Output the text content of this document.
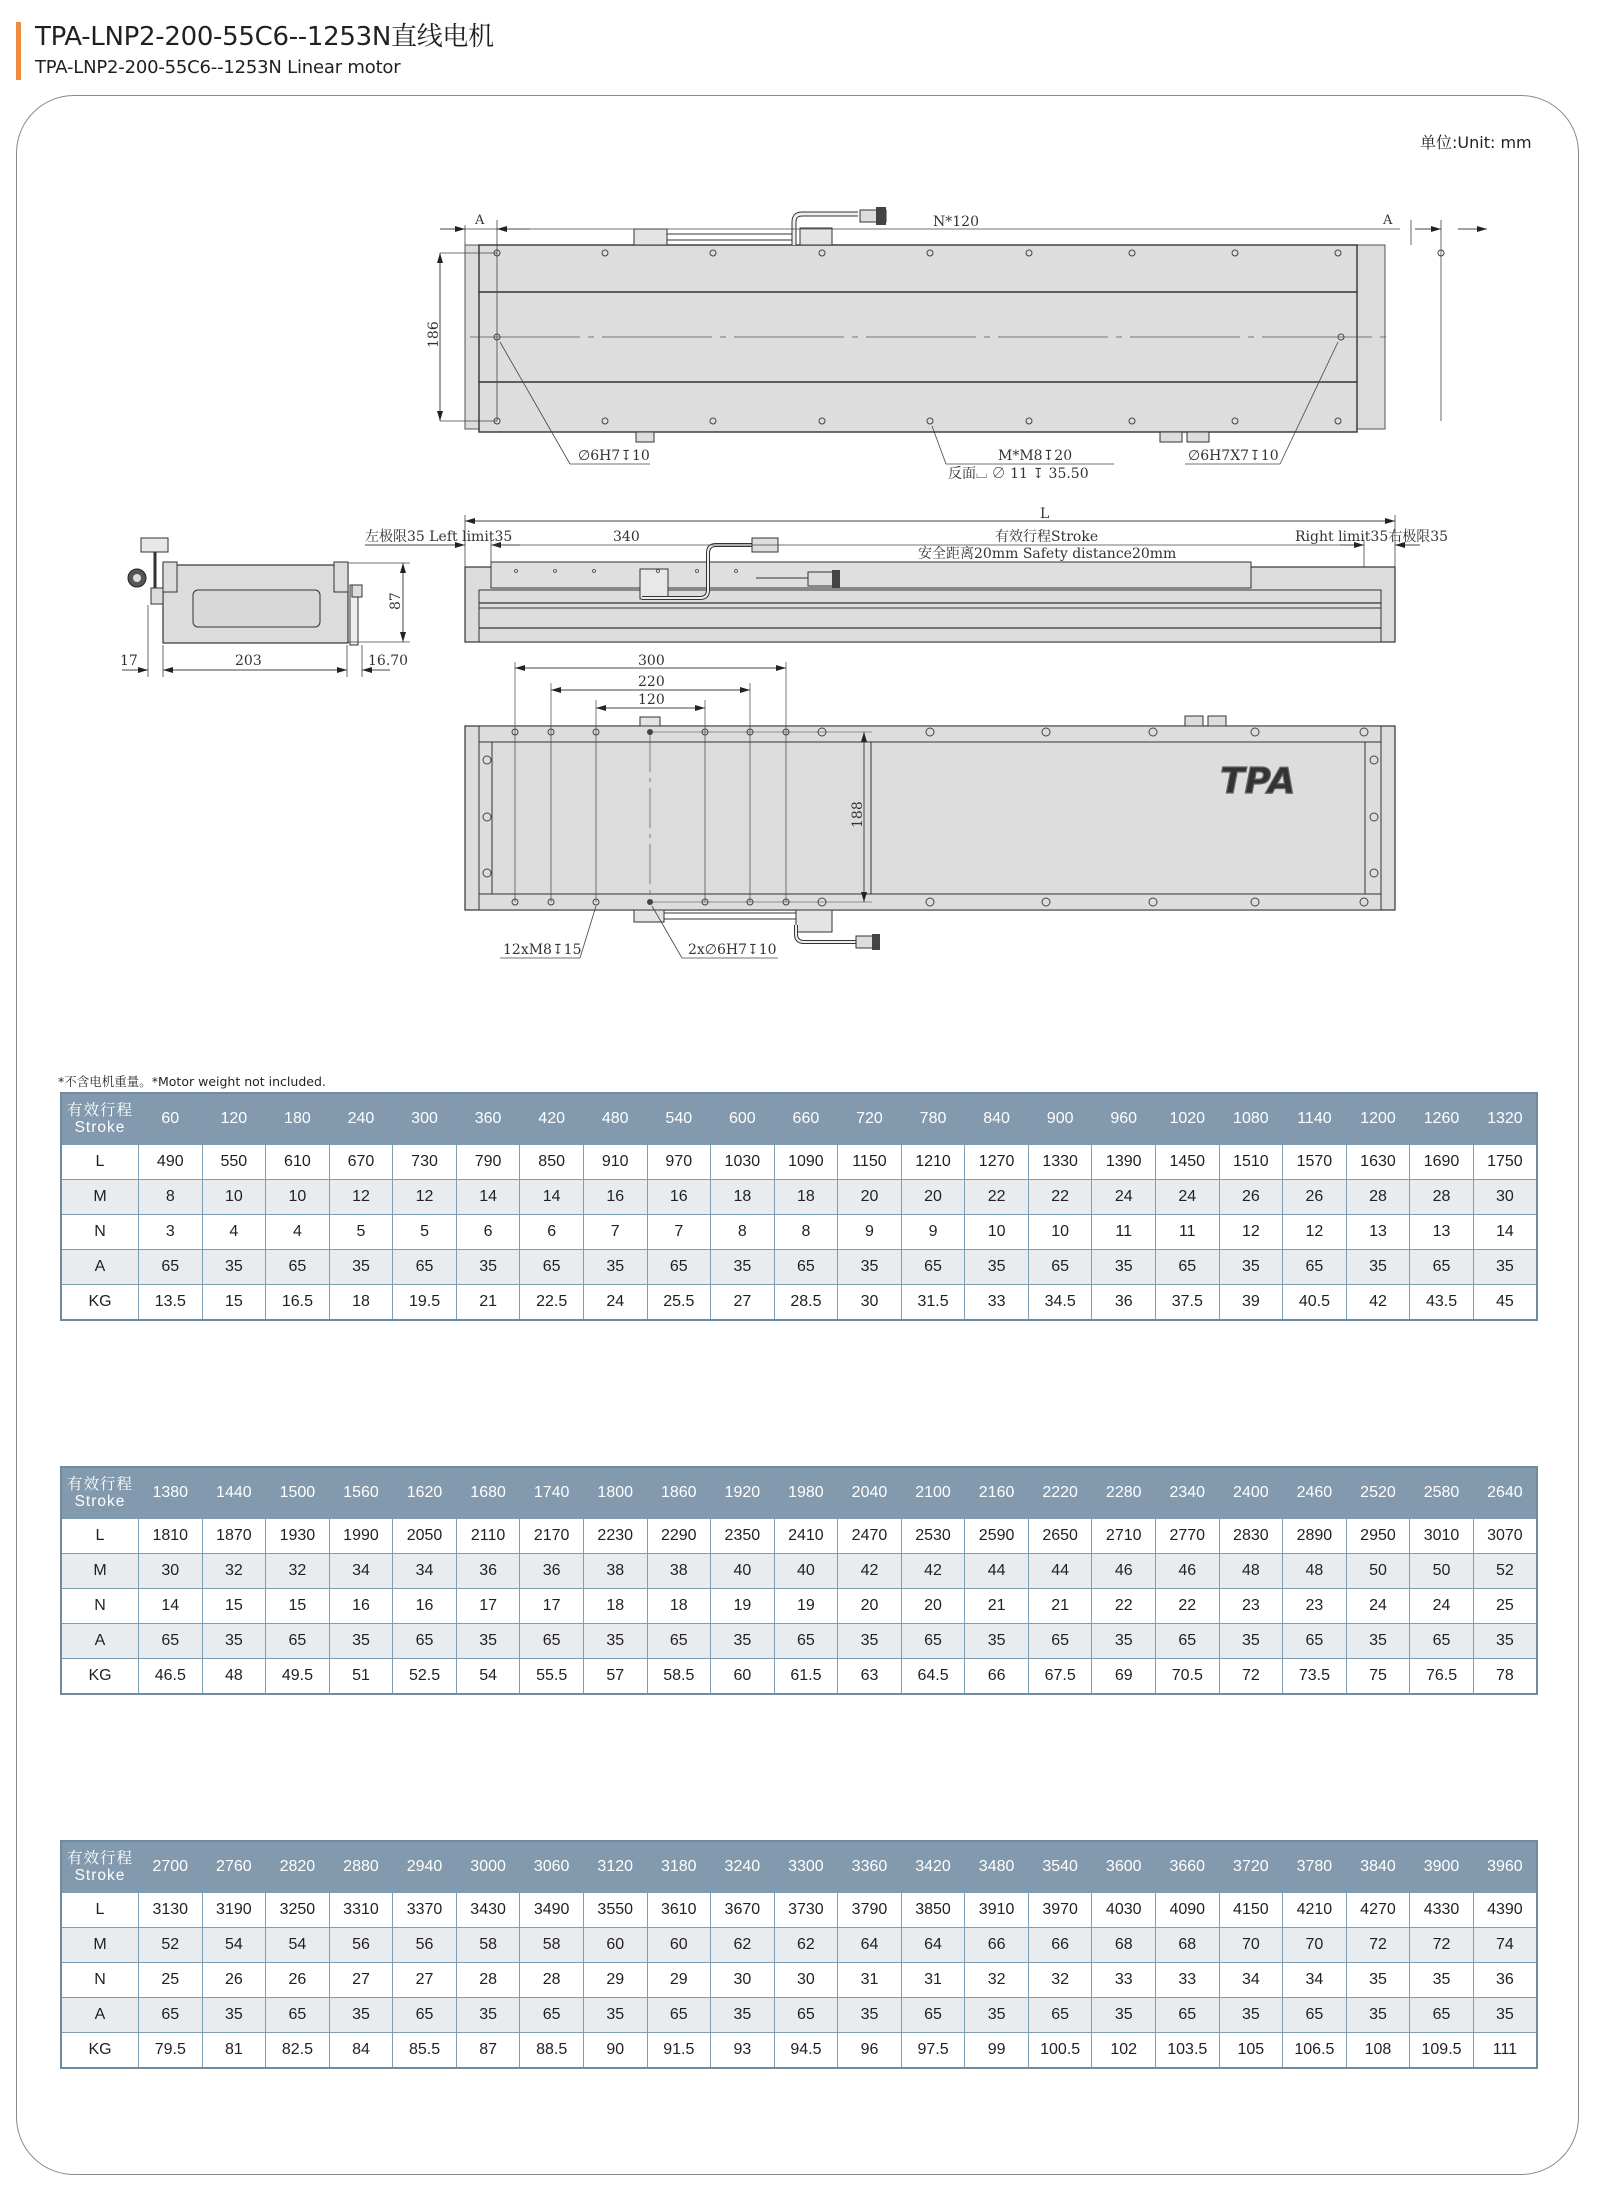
TPA-LNP2-200-55C6--1253N直线电机
TPA-LNP2-200-55C6--1253N Linear motor
单位:Unit: mm
A	A
N*120
186
∅6H7↧10	M*M8↧20
反面⌴ ∅ 11 ↧ 35.50
∅6H7X7↧10
17	203	16.70
87
L
左极限35 Left limit35	340	有效行程Stroke
安全距离20mm Safety distance20mm
Right limit35右极限35
300
220
120
188
TPA
12xM8↧15	2x∅6H7↧10
*不含电机重量。*Motor weight not included.
有效行程
Stroke	60	120	180	240	300	360	420	480	540	600	660	720	780	840	900	960	1020	1080	1140	1200	1260	1320
L	490	550	610	670	730	790	850	910	970	1030	1090	1150	1210	1270	1330	1390	1450	1510	1570	1630	1690	1750
M	8	10	10	12	12	14	14	16	16	18	18	20	20	22	22	24	24	26	26	28	28	30
N	3	4	4	5	5	6	6	7	7	8	8	9	9	10	10	11	11	12	12	13	13	14
A	65	35	65	35	65	35	65	35	65	35	65	35	65	35	65	35	65	35	65	35	65	35
KG	13.5	15	16.5	18	19.5	21	22.5	24	25.5	27	28.5	30	31.5	33	34.5	36	37.5	39	40.5	42	43.5	45
有效行程
Stroke	1380	1440	1500	1560	1620	1680	1740	1800	1860	1920	1980	2040	2100	2160	2220	2280	2340	2400	2460	2520	2580	2640
L	1810	1870	1930	1990	2050	2110	2170	2230	2290	2350	2410	2470	2530	2590	2650	2710	2770	2830	2890	2950	3010	3070
M	30	32	32	34	34	36	36	38	38	40	40	42	42	44	44	46	46	48	48	50	50	52
N	14	15	15	16	16	17	17	18	18	19	19	20	20	21	21	22	22	23	23	24	24	25
A	65	35	65	35	65	35	65	35	65	35	65	35	65	35	65	35	65	35	65	35	65	35
KG	46.5	48	49.5	51	52.5	54	55.5	57	58.5	60	61.5	63	64.5	66	67.5	69	70.5	72	73.5	75	76.5	78
有效行程
Stroke	2700	2760	2820	2880	2940	3000	3060	3120	3180	3240	3300	3360	3420	3480	3540	3600	3660	3720	3780	3840	3900	3960
L	3130	3190	3250	3310	3370	3430	3490	3550	3610	3670	3730	3790	3850	3910	3970	4030	4090	4150	4210	4270	4330	4390
M	52	54	54	56	56	58	58	60	60	62	62	64	64	66	66	68	68	70	70	72	72	74
N	25	26	26	27	27	28	28	29	29	30	30	31	31	32	32	33	33	34	34	35	35	36
A	65	35	65	35	65	35	65	35	65	35	65	35	65	35	65	35	65	35	65	35	65	35
KG	79.5	81	82.5	84	85.5	87	88.5	90	91.5	93	94.5	96	97.5	99	100.5	102	103.5	105	106.5	108	109.5	111
